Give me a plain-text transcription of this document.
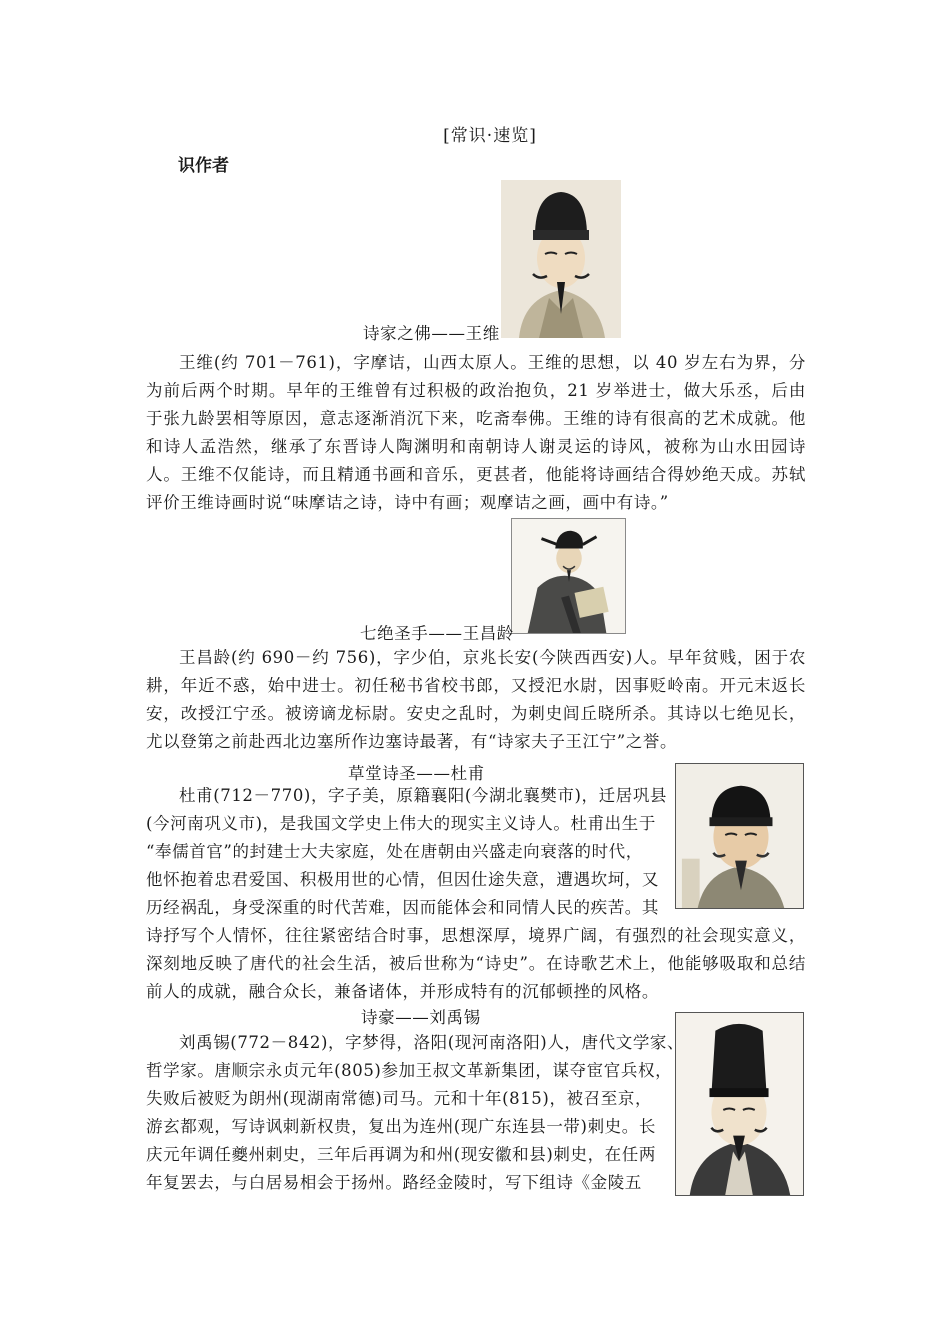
[常识·速览]
识作者
诗家之佛——王维
王维(约 701－761)，字摩诘，山西太原人。王维的思想，以 40 岁左右为界，分为前后两个时期。早年的王维曾有过积极的政治抱负，21 岁举进士，做大乐丞，后由于张九龄罢相等原因，意志逐渐消沉下来，吃斋奉佛。王维的诗有很高的艺术成就。他和诗人孟浩然，继承了东晋诗人陶渊明和南朝诗人谢灵运的诗风，被称为山水田园诗人。王维不仅能诗，而且精通书画和音乐，更甚者，他能将诗画结合得妙绝天成。苏轼评价王维诗画时说“味摩诘之诗，诗中有画；观摩诘之画，画中有诗。”
七绝圣手——王昌龄
王昌龄(约 690－约 756)，字少伯，京兆长安(今陕西西安)人。早年贫贱，困于农耕，年近不惑，始中进士。初任秘书省校书郎，又授汜水尉，因事贬岭南。开元末返长安，改授江宁丞。被谤谪龙标尉。安史之乱时，为刺史闾丘晓所杀。其诗以七绝见长，尤以登第之前赴西北边塞所作边塞诗最著，有“诗家夫子王江宁”之誉。
草堂诗圣——杜甫
杜甫(712－770)，字子美，原籍襄阳(今湖北襄樊市)，迁居巩县
(今河南巩义市)，是我国文学史上伟大的现实主义诗人。杜甫出生于
“奉儒首官”的封建士大夫家庭，处在唐朝由兴盛走向衰落的时代，
他怀抱着忠君爱国、积极用世的心情，但因仕途失意，遭遇坎坷，又
历经祸乱，身受深重的时代苦难，因而能体会和同情人民的疾苦。其
诗抒写个人情怀，往往紧密结合时事，思想深厚，境界广阔，有强烈的社会现实意义，深刻地反映了唐代的社会生活，被后世称为“诗史”。在诗歌艺术上，他能够吸取和总结前人的成就，融合众长，兼备诸体，并形成特有的沉郁顿挫的风格。
诗豪——刘禹锡
刘禹锡(772－842)，字梦得，洛阳(现河南洛阳)人，唐代文学家、
哲学家。唐顺宗永贞元年(805)参加王叔文革新集团，谋夺宦官兵权，
失败后被贬为朗州(现湖南常德)司马。元和十年(815)，被召至京，
游玄都观，写诗讽刺新权贵，复出为连州(现广东连县一带)刺史。长
庆元年调任夔州刺史，三年后再调为和州(现安徽和县)刺史，在任两
年复罢去，与白居易相会于扬州。路经金陵时，写下组诗《金陵五
